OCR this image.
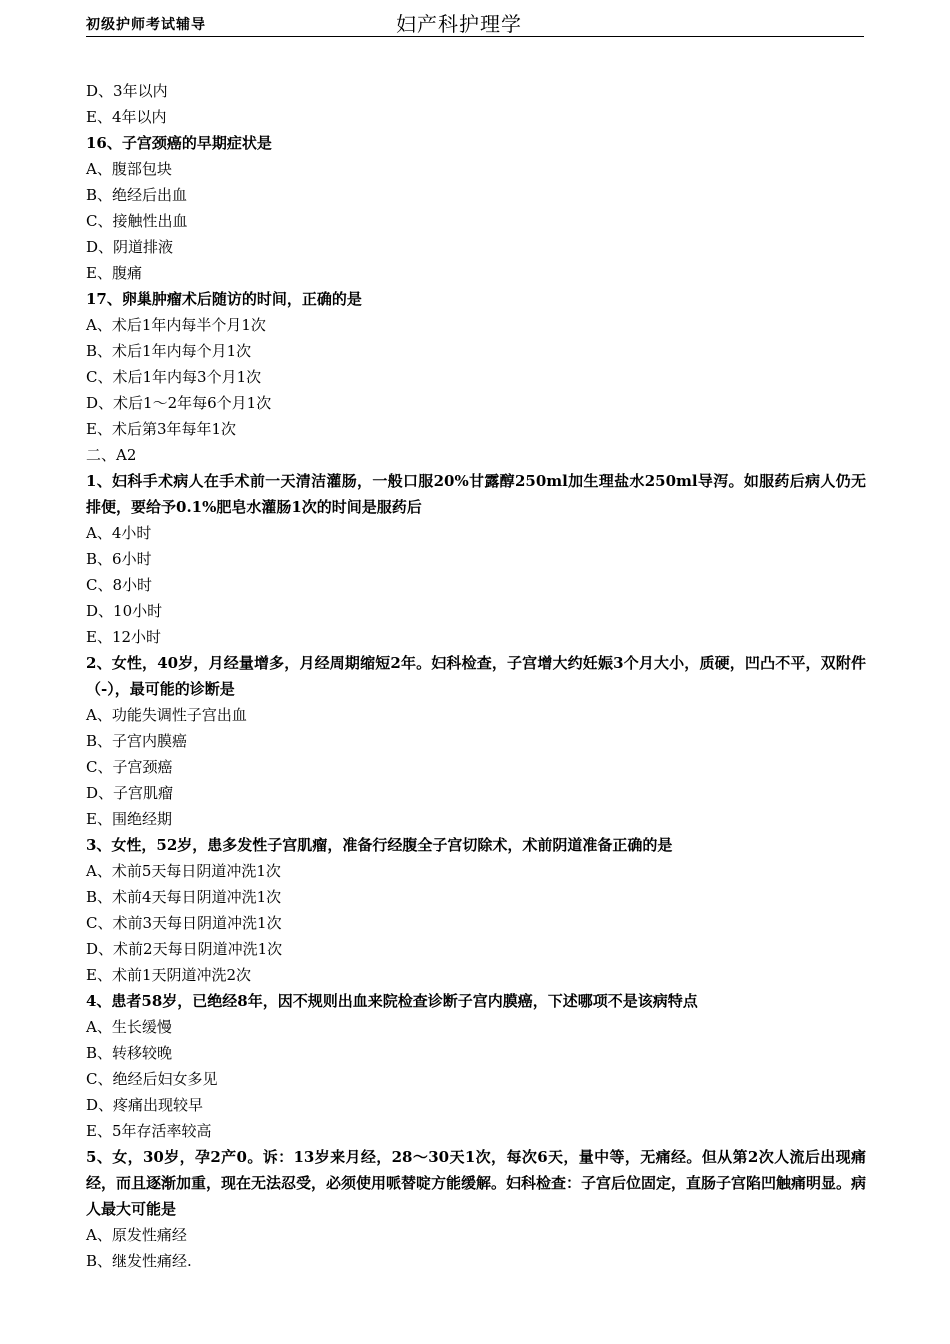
初级护师考试辅导	妇产科护理学
D、3年以内
E、4年以内
16、子宫颈癌的早期症状是
A、腹部包块
B、绝经后出血
C、接触性出血
D、阴道排液
E、腹痛
17、卵巢肿瘤术后随访的时间，正确的是
A、术后1年内每半个月1次
B、术后1年内每个月1次
C、术后1年内每3个月1次
D、术后1～2年每6个月1次
E、术后第3年每年1次
二、A2
1、妇科手术病人在手术前一天清洁灌肠，一般口服20%甘露醇250ml加生理盐水250ml导泻。如服药后病人仍无排便，要给予0.1%肥皂水灌肠1次的时间是服药后
A、4小时
B、6小时
C、8小时
D、10小时
E、12小时
2、女性，40岁，月经量增多，月经周期缩短2年。妇科检查，子宫增大约妊娠3个月大小，质硬，凹凸不平，双附件（-），最可能的诊断是
A、功能失调性子宫出血
B、子宫内膜癌
C、子宫颈癌
D、子宫肌瘤
E、围绝经期
3、女性，52岁，患多发性子宫肌瘤，准备行经腹全子宫切除术，术前阴道准备正确的是
A、术前5天每日阴道冲洗1次
B、术前4天每日阴道冲洗1次
C、术前3天每日阴道冲洗1次
D、术前2天每日阴道冲洗1次
E、术前1天阴道冲洗2次
4、患者58岁，已绝经8年，因不规则出血来院检查诊断子宫内膜癌，下述哪项不是该病特点
A、生长缓慢
B、转移较晚
C、绝经后妇女多见
D、疼痛出现较早
E、5年存活率较高
5、女，30岁，孕2产0。诉：13岁来月经，28～30天1次，每次6天，量中等，无痛经。但从第2次人流后出现痛经，而且逐渐加重，现在无法忍受，必须使用哌替啶方能缓解。妇科检查：子宫后位固定，直肠子宫陷凹触痛明显。病人最大可能是
A、原发性痛经
B、继发性痛经.
